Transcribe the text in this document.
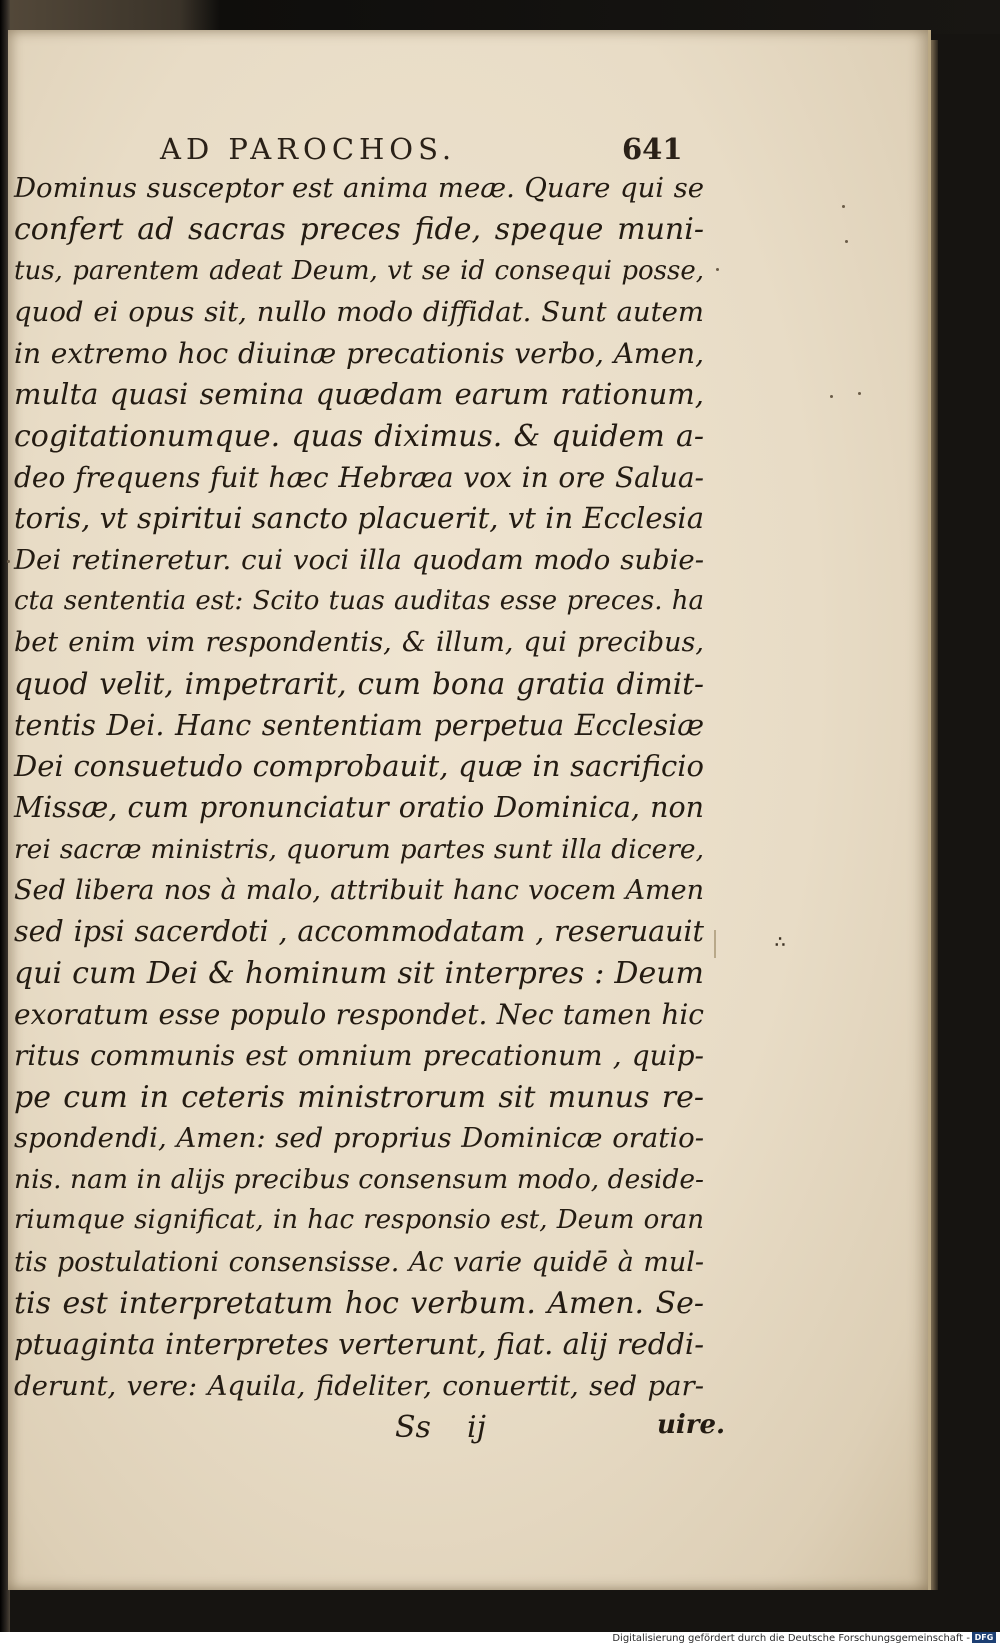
AD PAROCHOS.	641
Dominus susceptor est anima meæ. Quare qui se
confert ad sacras preces fide, speque muni-
tus, parentem adeat Deum, vt se id consequi posse,
quod ei opus sit, nullo modo diffidat. Sunt autem
in extremo hoc diuinæ precationis verbo, Amen,
multa quasi semina quædam earum rationum,
cogitationumque. quas diximus. & quidem a-
deo frequens fuit hæc Hebræa vox in ore Salua-
toris, vt spiritui sancto placuerit, vt in Ecclesia
Dei retineretur. cui voci illa quodam modo subie-
cta sententia est: Scito tuas auditas esse preces. ha
bet enim vim respondentis, & illum, qui precibus,
quod velit, impetrarit, cum bona gratia dimit-
tentis Dei. Hanc sententiam perpetua Ecclesiæ
Dei consuetudo comprobauit, quæ in sacrificio
Missæ, cum pronunciatur oratio Dominica, non
rei sacræ ministris, quorum partes sunt illa dicere,
Sed libera nos à malo, attribuit hanc vocem Amen
sed ipsi sacerdoti , accommodatam , reseruauit
qui cum Dei & hominum sit interpres : Deum
exoratum esse populo respondet. Nec tamen hic
ritus communis est omnium precationum , quip-
pe cum in ceteris ministrorum sit munus re-
spondendi, Amen: sed proprius Dominicæ oratio-
nis. nam in alijs precibus consensum modo, deside-
riumque significat, in hac responsio est, Deum oran
tis postulationi consensisse. Ac varie quidē à mul-
tis est interpretatum hoc verbum. Amen. Se-
ptuaginta interpretes verterunt, fiat. alij reddi-
derunt, vere: Aquila, fideliter, conuertit, sed par-
Ss ij	uire.
∴
Digitalisierung gefördert durch die Deutsche Forschungsgemeinschaft - DFG
